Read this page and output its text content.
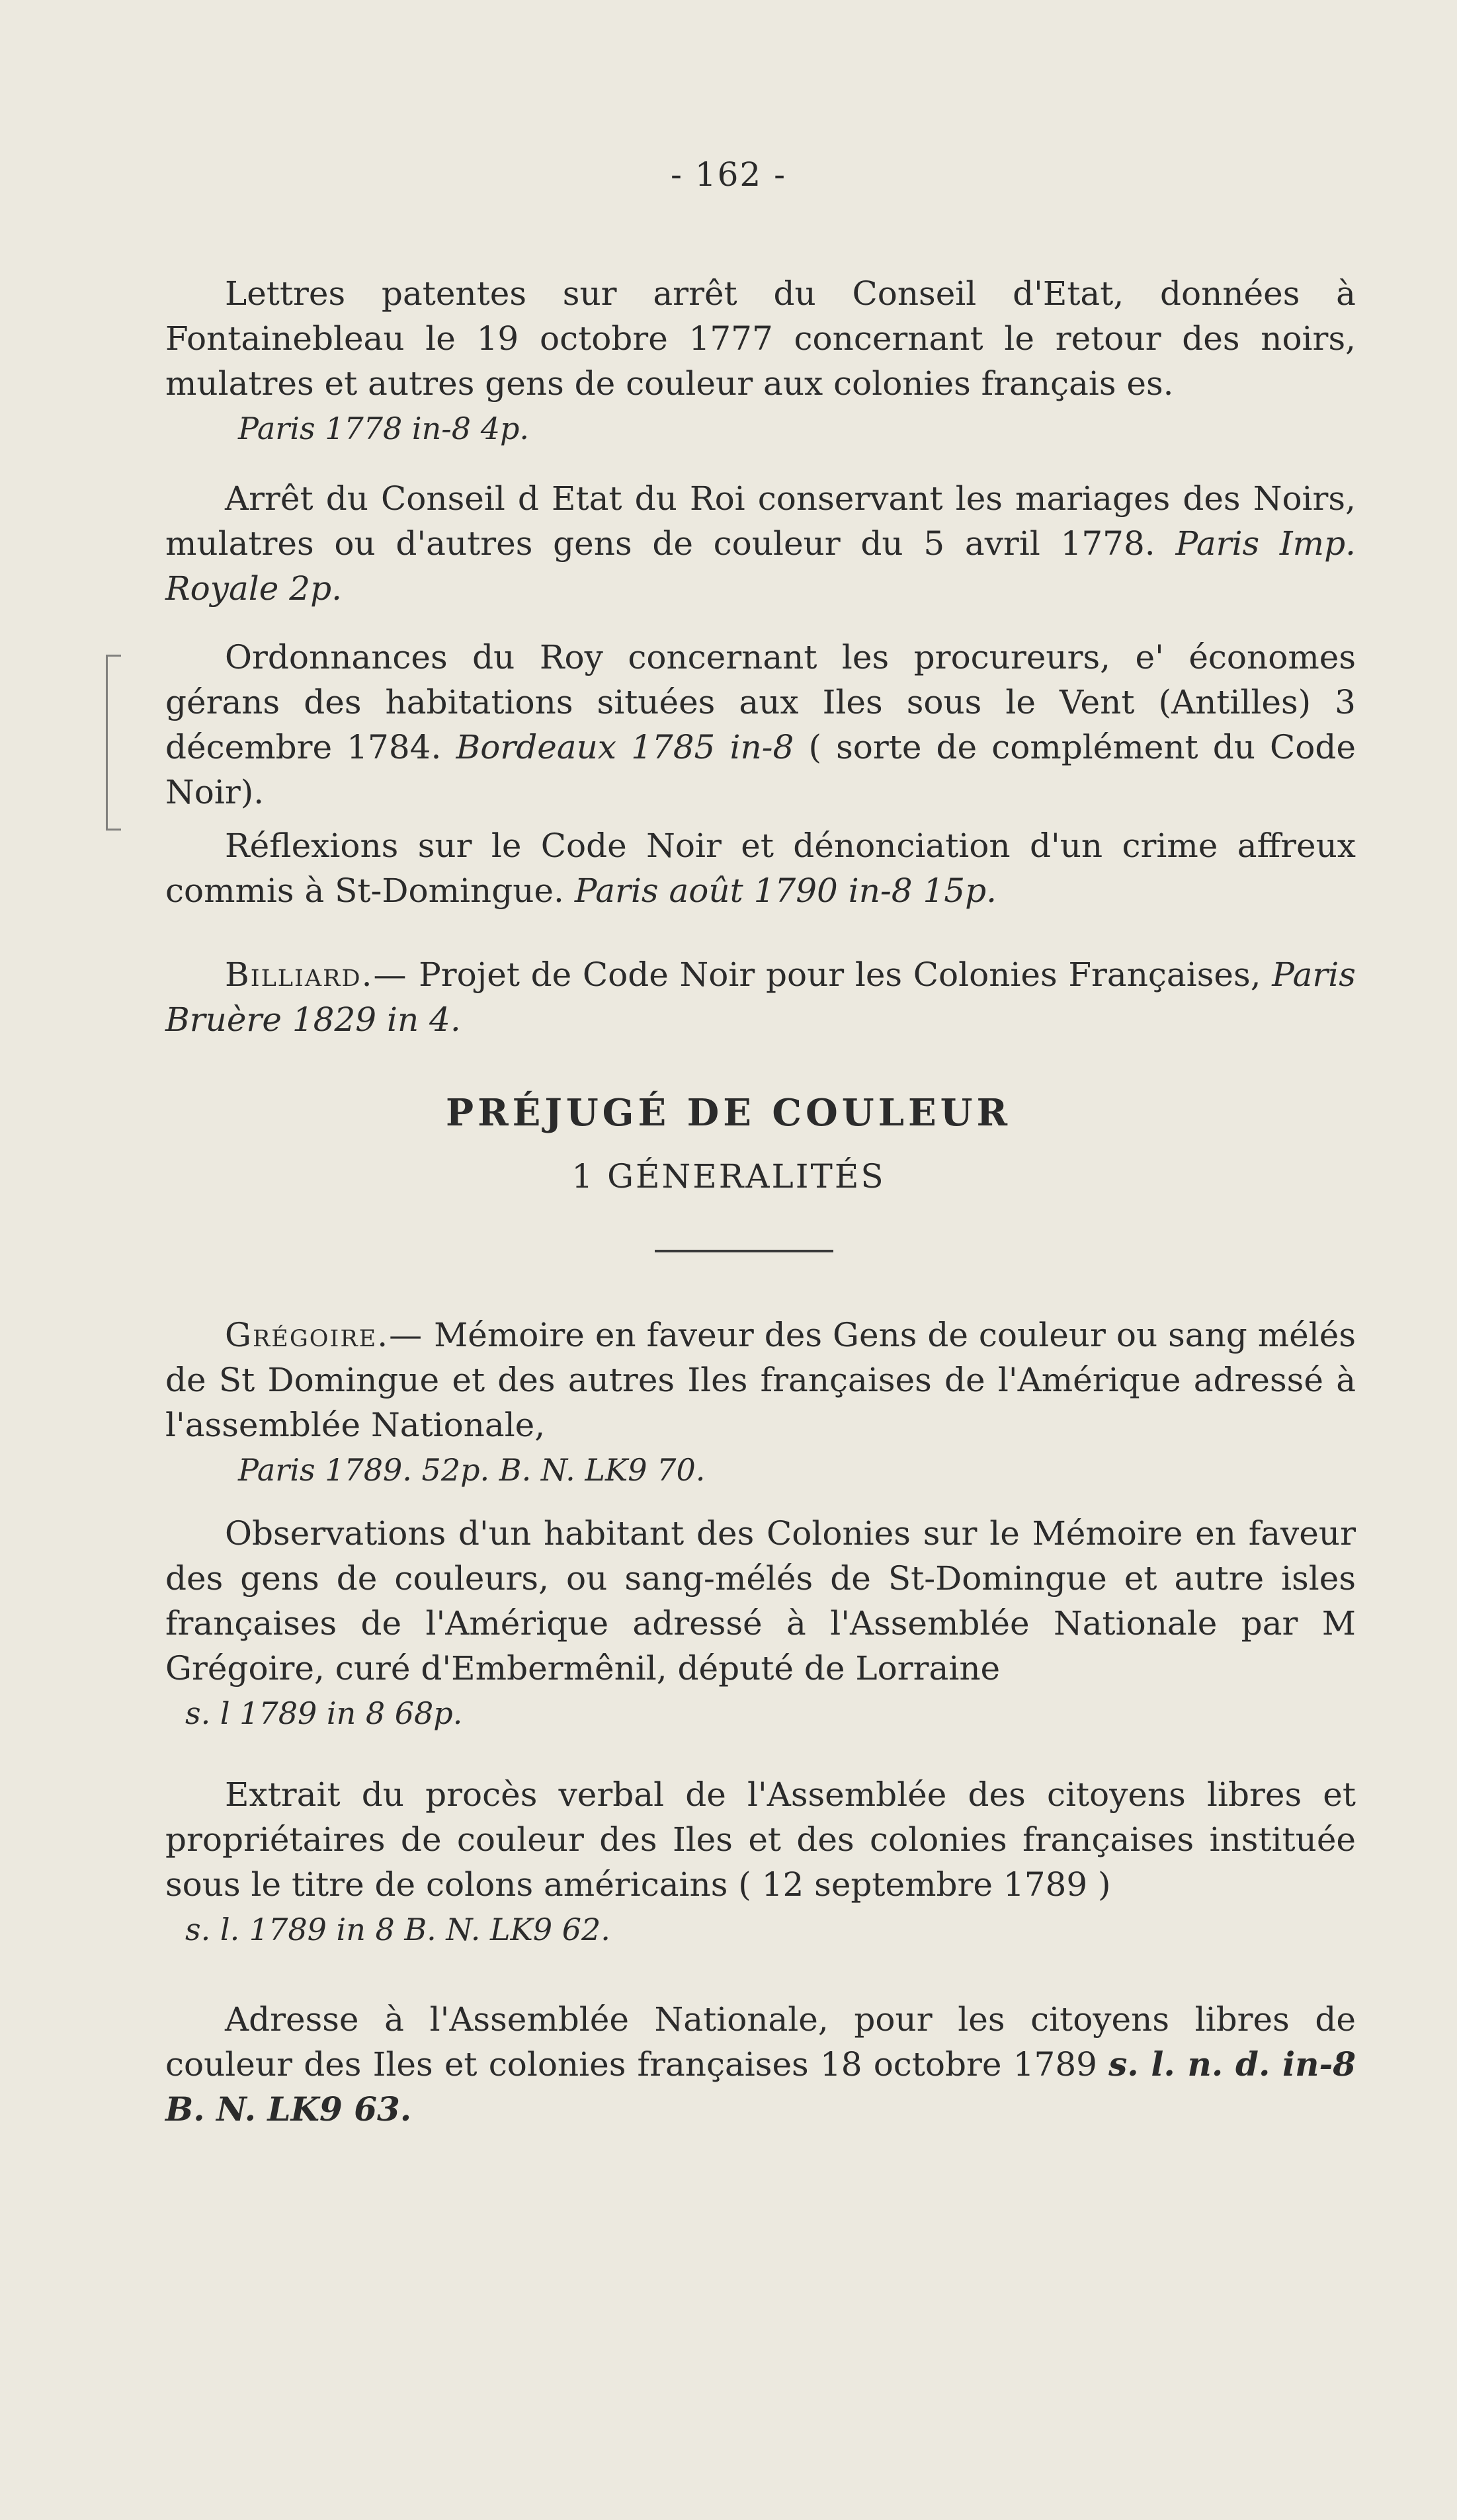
- 162 -

Lettres patentes sur arrêt du Conseil d'Etat, données à Fontainebleau le 19 octobre 1777 concernant le retour des noirs, mulatres et autres gens de couleur aux colonies français es.

Paris 1778 in-8 4p.

Arrêt du Conseil d Etat du Roi conservant les mariages des Noirs, mulatres ou d'autres gens de couleur du 5 avril 1778. Paris Imp. Royale 2p.

Ordonnances du Roy concernant les procureurs, e' économes gérans des habitations situées aux Iles sous le Vent (Antilles) 3 décembre 1784. Bordeaux 1785 in-8 ( sorte de complément du Code Noir).

Réflexions sur le Code Noir et dénonciation d'un crime affreux commis à St-Domingue. Paris août 1790 in-8 15p.

Billiard.— Projet de Code Noir pour les Colonies Françaises, Paris Bruère 1829 in 4.

PRÉJUGÉ DE COULEUR
1 GÉNERALITÉS

Grégoire.— Mémoire en faveur des Gens de couleur ou sang mélés de St Domingue et des autres Iles françaises de l'Amérique adressé à l'assemblée Nationale,

Paris 1789. 52p. B. N. LK9 70.

Observations d'un habitant des Colonies sur le Mémoire en faveur des gens de couleurs, ou sang-mélés de St-Domingue et autre isles françaises de l'Amérique adressé à l'Assemblée Nationale par M Grégoire, curé d'Embermênil, député de Lorraine

s. l 1789 in 8 68p.

Extrait du procès verbal de l'Assemblée des citoyens libres et propriétaires de couleur des Iles et des colonies françaises instituée sous le titre de colons américains ( 12 septembre 1789 )

s. l. 1789 in 8 B. N. LK9 62.

Adresse à l'Assemblée Nationale, pour les citoyens libres de couleur des Iles et colonies françaises 18 octobre 1789 s. l. n. d. in-8 B. N. LK9 63.
